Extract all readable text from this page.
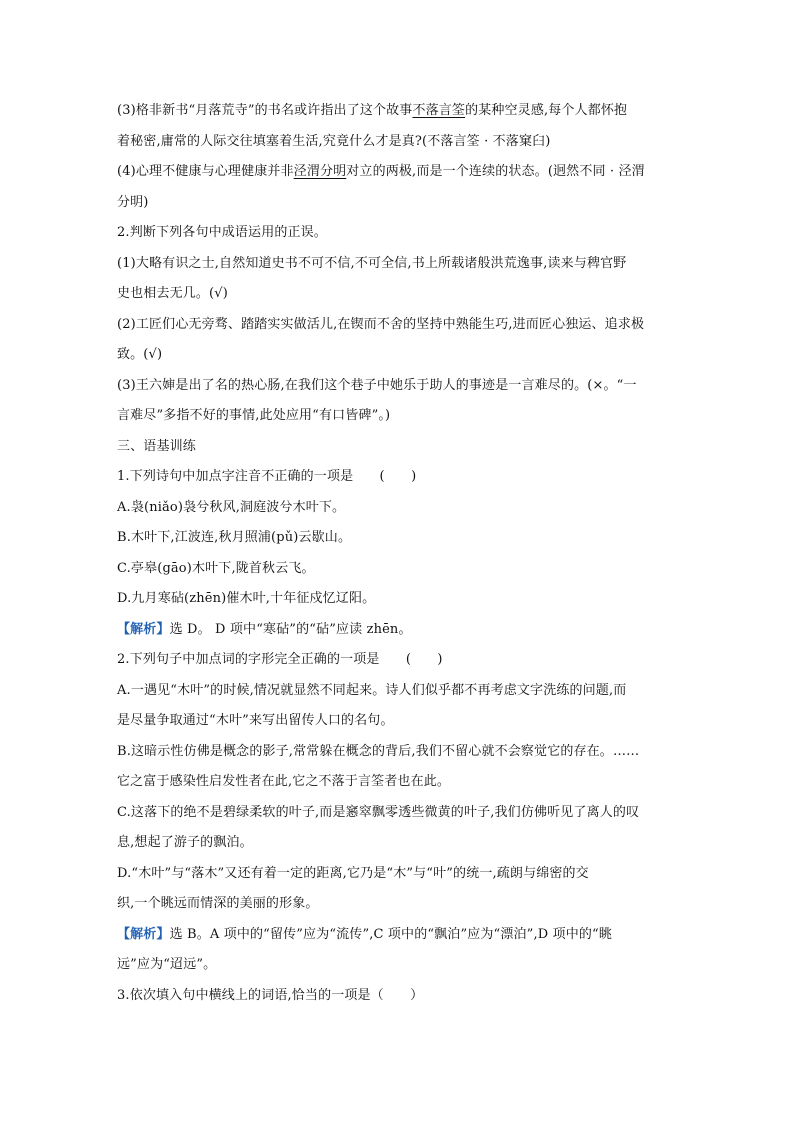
(3)格非新书“月落荒寺”的书名或许指出了这个故事不落言筌的某种空灵感,每个人都怀抱
着秘密,庸常的人际交往填塞着生活,究竟什么才是真?(不落言筌 · 不落窠臼)
(4)心理不健康与心理健康并非泾渭分明对立的两极,而是一个连续的状态。(迥然不同 · 泾渭
分明)
2.判断下列各句中成语运用的正误。
(1)大略有识之士,自然知道史书不可不信,不可全信,书上所载诸般洪荒逸事,读来与稗官野
史也相去无几。(√)
(2)工匠们心无旁骛、踏踏实实做活儿,在锲而不舍的坚持中熟能生巧,进而匠心独运、追求极
致。(√)
(3)王六婶是出了名的热心肠,在我们这个巷子中她乐于助人的事迹是一言难尽的。(×。“一
言难尽”多指不好的事情,此处应用“有口皆碑”。)
三、语基训练
1.下列诗句中加点字注音不正确的一项是　　(　　)
A.袅(niǎo)袅兮秋风,洞庭波兮木叶下。
B.木叶下,江波连,秋月照浦(pǔ)云歇山。
C.亭皋(gāo)木叶下,陇首秋云飞。
D.九月寒砧(zhēn)催木叶,十年征戍忆辽阳。
【解析】选 D。 D 项中“寒砧”的“砧”应读 zhēn。
2.下列句子中加点词的字形完全正确的一项是　　(　　)
A.一遇见“木叶”的时候,情况就显然不同起来。诗人们似乎都不再考虑文字洗练的问题,而
是尽量争取通过“木叶”来写出留传人口的名句。
B.这暗示性仿佛是概念的影子,常常躲在概念的背后,我们不留心就不会察觉它的存在。……
它之富于感染性启发性者在此,它之不落于言筌者也在此。
C.这落下的绝不是碧绿柔软的叶子,而是窸窣飘零透些微黄的叶子,我们仿佛听见了离人的叹
息,想起了游子的飘泊。
D.“木叶”与“落木”又还有着一定的距离,它乃是“木”与“叶”的统一,疏朗与绵密的交
织,一个眺远而情深的美丽的形象。
【解析】选 B。A 项中的“留传”应为“流传”,C 项中的“飘泊”应为“漂泊”,D 项中的“眺
远”应为“迢远”。
3.依次填入句中横线上的词语,恰当的一项是（　　）
